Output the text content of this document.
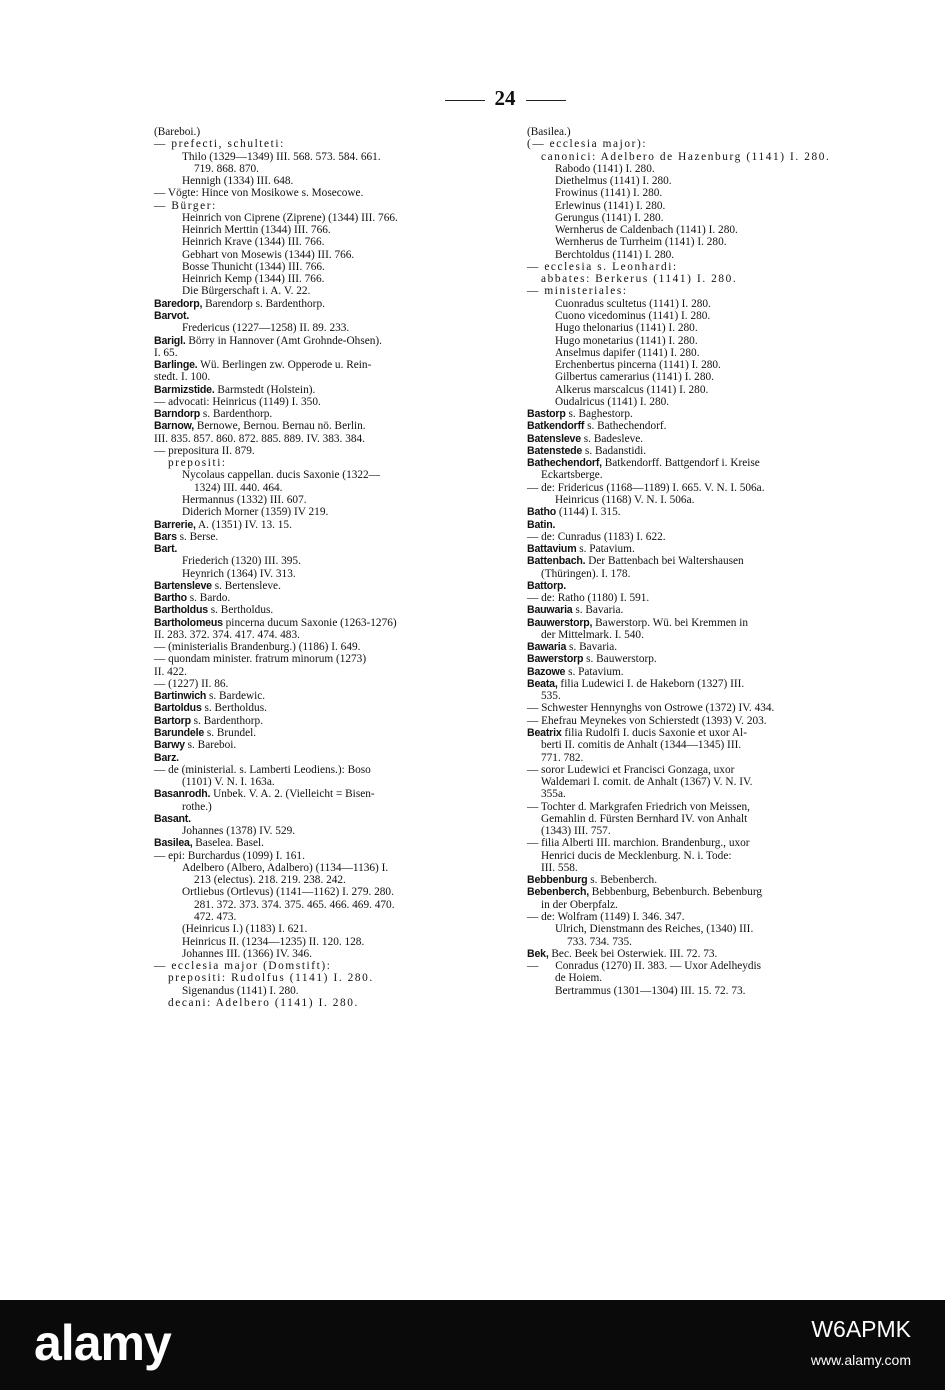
24
(Bareboi.)
— prefecti, schulteti:
Thilo (1329—1349) III. 568. 573. 584. 661.
719. 868. 870.
Hennigh (1334) III. 648.
— Vögte: Hince von Mosikowe s. Mosecowe.
— Bürger:
Heinrich von Ciprene (Ziprene) (1344) III. 766.
Heinrich Merttin (1344) III. 766.
Heinrich Krave (1344) III. 766.
Gebhart von Mosewis (1344) III. 766.
Bosse Thunicht (1344) III. 766.
Heinrich Kemp (1344) III. 766.
Die Bürgerschaft i. A. V. 22.
Baredorp, Barendorp s. Bardenthorp.
Barvot.
Fredericus (1227—1258) II. 89. 233.
Barigl. Börry in Hannover (Amt Grohnde-Ohsen).
I. 65.
Barlinge. Wü. Berlingen zw. Opperode u. Rein-
stedt. I. 100.
Barmizstide. Barmstedt (Holstein).
— advocati: Heinricus (1149) I. 350.
Barndorp s. Bardenthorp.
Barnow, Bernowe, Bernou. Bernau nö. Berlin.
III. 835. 857. 860. 872. 885. 889. IV. 383. 384.
— prepositura II. 879.
prepositi:
Nycolaus cappellan. ducis Saxonie (1322—
1324) III. 440. 464.
Hermannus (1332) III. 607.
Diderich Morner (1359) IV 219.
Barrerie, A. (1351) IV. 13. 15.
Bars s. Berse.
Bart.
Friederich (1320) III. 395.
Heynrich (1364) IV. 313.
Bartensleve s. Bertensleve.
Bartho s. Bardo.
Bartholdus s. Bertholdus.
Bartholomeus pincerna ducum Saxonie (1263-1276)
II. 283. 372. 374. 417. 474. 483.
— (ministerialis Brandenburg.) (1186) I. 649.
— quondam minister. fratrum minorum (1273)
II. 422.
— (1227) II. 86.
Bartinwich s. Bardewic.
Bartoldus s. Bertholdus.
Bartorp s. Bardenthorp.
Barundele s. Brundel.
Barwy s. Bareboi.
Barz.
— de (ministerial. s. Lamberti Leodiens.): Boso
(1101) V. N. I. 163a.
Basanrodh. Unbek. V. A. 2. (Vielleicht = Bisen-
rothe.)
Basant.
Johannes (1378) IV. 529.
Basilea, Baselea. Basel.
— epi: Burchardus (1099) I. 161.
Adelbero (Albero, Adalbero) (1134—1136) I.
213 (electus). 218. 219. 238. 242.
Ortliebus (Ortlevus) (1141—1162) I. 279. 280.
281. 372. 373. 374. 375. 465. 466. 469. 470.
472. 473.
(Heinricus I.) (1183) I. 621.
Heinricus II. (1234—1235) II. 120. 128.
Johannes III. (1366) IV. 346.
— ecclesia major (Domstift):
prepositi: Rudolfus (1141) I. 280.
Sigenandus (1141) I. 280.
decani: Adelbero (1141) I. 280.
(Basilea.)
(— ecclesia major):
canonici: Adelbero de Hazenburg (1141) I. 280.
Rabodo (1141) I. 280.
Diethelmus (1141) I. 280.
Frowinus (1141) I. 280.
Erlewinus (1141) I. 280.
Gerungus (1141) I. 280.
Wernherus de Caldenbach (1141) I. 280.
Wernherus de Turrheim (1141) I. 280.
Berchtoldus (1141) I. 280.
— ecclesia s. Leonhardi:
abbates: Berkerus (1141) I. 280.
— ministeriales:
Cuonradus scultetus (1141) I. 280.
Cuono vicedominus (1141) I. 280.
Hugo thelonarius (1141) I. 280.
Hugo monetarius (1141) I. 280.
Anselmus dapifer (1141) I. 280.
Erchenbertus pincerna (1141) I. 280.
Gilbertus camerarius (1141) I. 280.
Alkerus marscalcus (1141) I. 280.
Oudalricus (1141) I. 280.
Bastorp s. Baghestorp.
Batkendorff s. Bathechendorf.
Batensleve s. Badesleve.
Batenstede s. Badanstidi.
Bathechendorf, Batkendorff. Battgendorf i. Kreise
Eckartsberge.
— de: Fridericus (1168—1189) I. 665. V. N. I. 506a.
Heinricus (1168) V. N. I. 506a.
Batho (1144) I. 315.
Batin.
— de: Cunradus (1183) I. 622.
Battavium s. Patavium.
Battenbach. Der Battenbach bei Waltershausen
(Thüringen). I. 178.
Battorp.
— de: Ratho (1180) I. 591.
Bauwaria s. Bavaria.
Bauwerstorp, Bawerstorp. Wü. bei Kremmen in
der Mittelmark. I. 540.
Bawaria s. Bavaria.
Bawerstorp s. Bauwerstorp.
Bazowe s. Patavium.
Beata, filia Ludewici I. de Hakeborn (1327) III.
535.
— Schwester Hennynghs von Ostrowe (1372) IV. 434.
— Ehefrau Meynekes von Schierstedt (1393) V. 203.
Beatrix filia Rudolfi I. ducis Saxonie et uxor Al-
berti II. comitis de Anhalt (1344—1345) III.
771. 782.
— soror Ludewici et Francisci Gonzaga, uxor
Waldemari I. comit. de Anhalt (1367) V. N. IV.
355a.
— Tochter d. Markgrafen Friedrich von Meissen,
Gemahlin d. Fürsten Bernhard IV. von Anhalt
(1343) III. 757.
— filia Alberti III. marchion. Brandenburg., uxor
Henrici ducis de Mecklenburg. N. i. Tode:
III. 558.
Bebbenburg s. Bebenberch.
Bebenberch, Bebbenburg, Bebenburch. Bebenburg
in der Oberpfalz.
— de: Wolfram (1149) I. 346. 347.
Ulrich, Dienstmann des Reiches, (1340) III.
733. 734. 735.
Bek, Bec. Beek bei Osterwiek. III. 72. 73.
—      Conradus (1270) II. 383. — Uxor Adelheydis
de Hoiem.
Bertrammus (1301—1304) III. 15. 72. 73.
alamy	W6APMK
www.alamy.com
